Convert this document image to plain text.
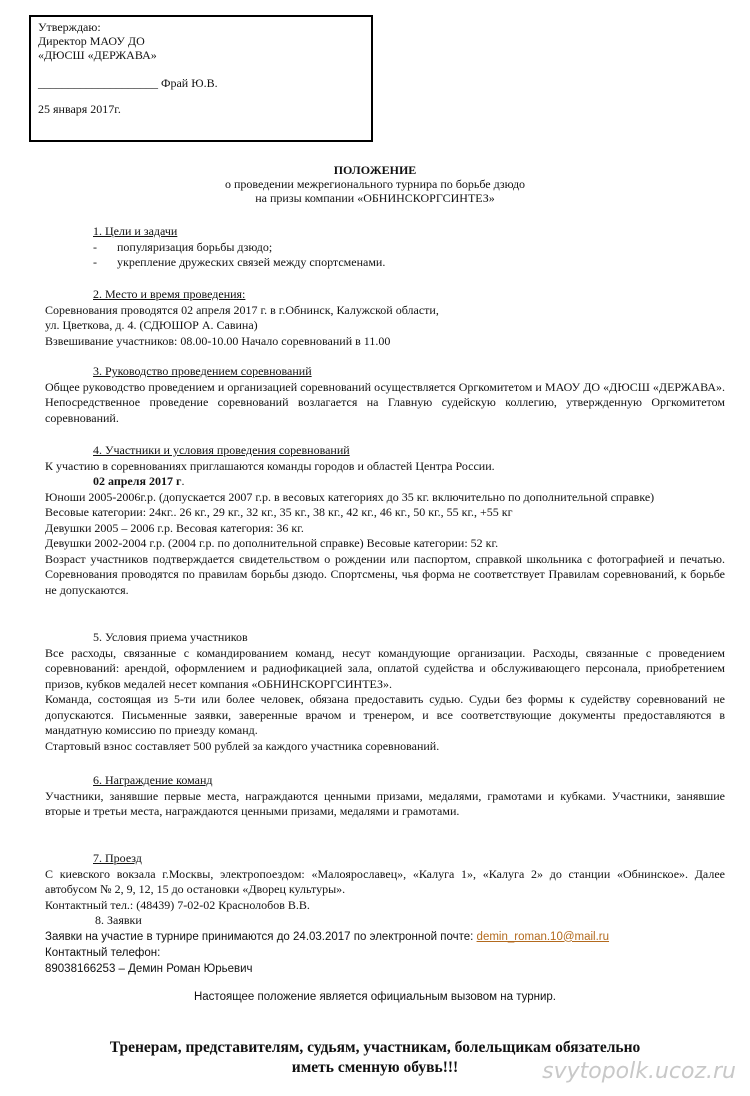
Утверждаю:
Директор МАОУ ДО
«ДЮСШ «ДЕРЖАВА»
____________________ Фрай Ю.В.
25 января 2017г.
ПОЛОЖЕНИЕ
о проведении межрегионального турнира по борьбе дзюдо
на призы компании «ОБНИНСКОРГСИНТЕЗ»
1. Цели и задачи
- популяризация борьбы дзюдо;
- укрепление дружеских связей между спортсменами.
2. Место и время проведения:
Соревнования проводятся 02 апреля 2017 г. в г.Обнинск, Калужской области,
ул. Цветкова, д. 4. (СДЮШОР А. Савина)
Взвешивание участников: 08.00-10.00 Начало соревнований в 11.00
3. Руководство проведением соревнований
Общее руководство проведением и организацией соревнований осуществляется Оргкомитетом и МАОУ ДО «ДЮСШ «ДЕРЖАВА». Непосредственное проведение соревнований возлагается на Главную судейскую коллегию, утвержденную Оргкомитетом соревнований.
4. Участники и условия проведения соревнований
К участию в соревнованиях приглашаются команды городов и областей Центра России.
02 апреля 2017 г.
Юноши 2005-2006г.р. (допускается 2007 г.р. в весовых категориях до 35 кг. включительно по дополнительной справке)
Весовые категории: 24кг.. 26 кг., 29 кг., 32 кг., 35 кг., 38 кг., 42 кг., 46 кг., 50 кг., 55 кг., +55 кг
Девушки 2005 – 2006 г.р. Весовая категория: 36 кг.
Девушки 2002-2004 г.р. (2004 г.р. по дополнительной справке) Весовые категории: 52 кг.
Возраст участников подтверждается свидетельством о рождении или паспортом, справкой школьника с фотографией и печатью. Соревнования проводятся по правилам борьбы дзюдо. Спортсмены, чья форма не соответствует Правилам соревнований, к борьбе не допускаются.
5. Условия приема участников
Все расходы, связанные с командированием команд, несут командующие организации. Расходы, связанные с проведением соревнований: арендой, оформлением и радиофикацией зала, оплатой судейства и обслуживающего персонала, приобретением призов, кубков медалей несет компания «ОБНИНСКОРГСИНТЕЗ».
Команда, состоящая из 5-ти или более человек, обязана предоставить судью. Судьи без формы к судейству соревнований не допускаются. Письменные заявки, заверенные врачом и тренером, и все соответствующие документы предоставляются в мандатную комиссию по приезду команд.
Стартовый взнос составляет 500 рублей за каждого участника соревнований.
6. Награждение команд
Участники, занявшие первые места, награждаются ценными призами, медалями, грамотами и кубками. Участники, занявшие вторые и третьи места, награждаются ценными призами, медалями и грамотами.
7. Проезд
С киевского вокзала г.Москвы, электропоездом: «Малоярославец», «Калуга 1», «Калуга 2» до станции «Обнинское». Далее автобусом № 2, 9, 12, 15 до остановки «Дворец культуры».
Контактный тел.: (48439) 7-02-02 Краснолобов В.В.
8. Заявки
Заявки на участие в турнире принимаются до 24.03.2017 по электронной почте: demin_roman.10@mail.ru
Контактный телефон:
89038166253 – Демин Роман Юрьевич
Настоящее положение является официальным вызовом на турнир.
Тренерам, представителям, судьям, участникам, болельщикам обязательно
иметь сменную обувь!!!	svytopolk.ucoz.ru
